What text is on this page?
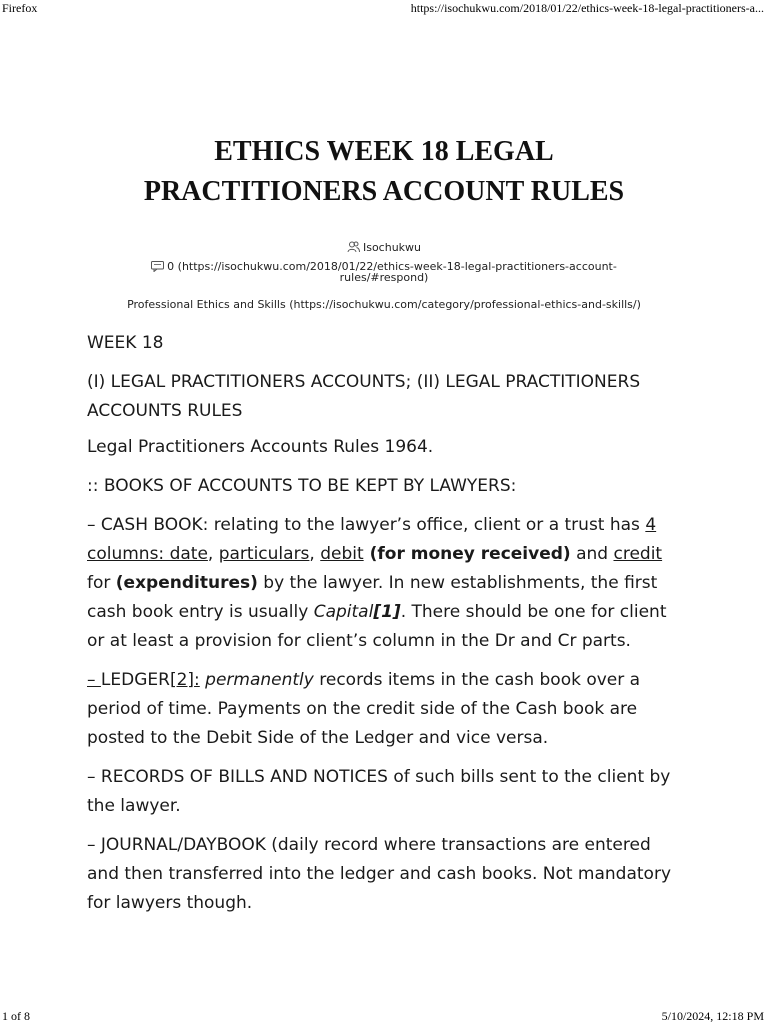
Firefox	https://isochukwu.com/2018/01/22/ethics-week-18-legal-practitioners-a...
ETHICS WEEK 18 LEGAL
PRACTITIONERS ACCOUNT RULES
Isochukwu
0 (https://isochukwu.com/2018/01/22/ethics-week-18-legal-practitioners-account-
rules/#respond)
Professional Ethics and Skills (https://isochukwu.com/category/professional-ethics-and-skills/)

WEEK 18

(I) LEGAL PRACTITIONERS ACCOUNTS; (II) LEGAL PRACTITIONERS ACCOUNTS RULES

Legal Practitioners Accounts Rules 1964.

:: BOOKS OF ACCOUNTS TO BE KEPT BY LAWYERS:

– CASH BOOK: relating to the lawyer’s office, client or a trust has 4 columns: date, particulars, debit (for money received) and credit for (expenditures) by the lawyer. In new establishments, the first cash book entry is usually Capital[1]. There should be one for client or at least a provision for client’s column in the Dr and Cr parts.

– LEDGER[2]: permanently records items in the cash book over a period of time. Payments on the credit side of the Cash book are posted to the Debit Side of the Ledger and vice versa.

– RECORDS OF BILLS AND NOTICES of such bills sent to the client by the lawyer.

– JOURNAL/DAYBOOK (daily record where transactions are entered and then transferred into the ledger and cash books. Not mandatory for lawyers though.

1 of 8	5/10/2024, 12:18 PM
